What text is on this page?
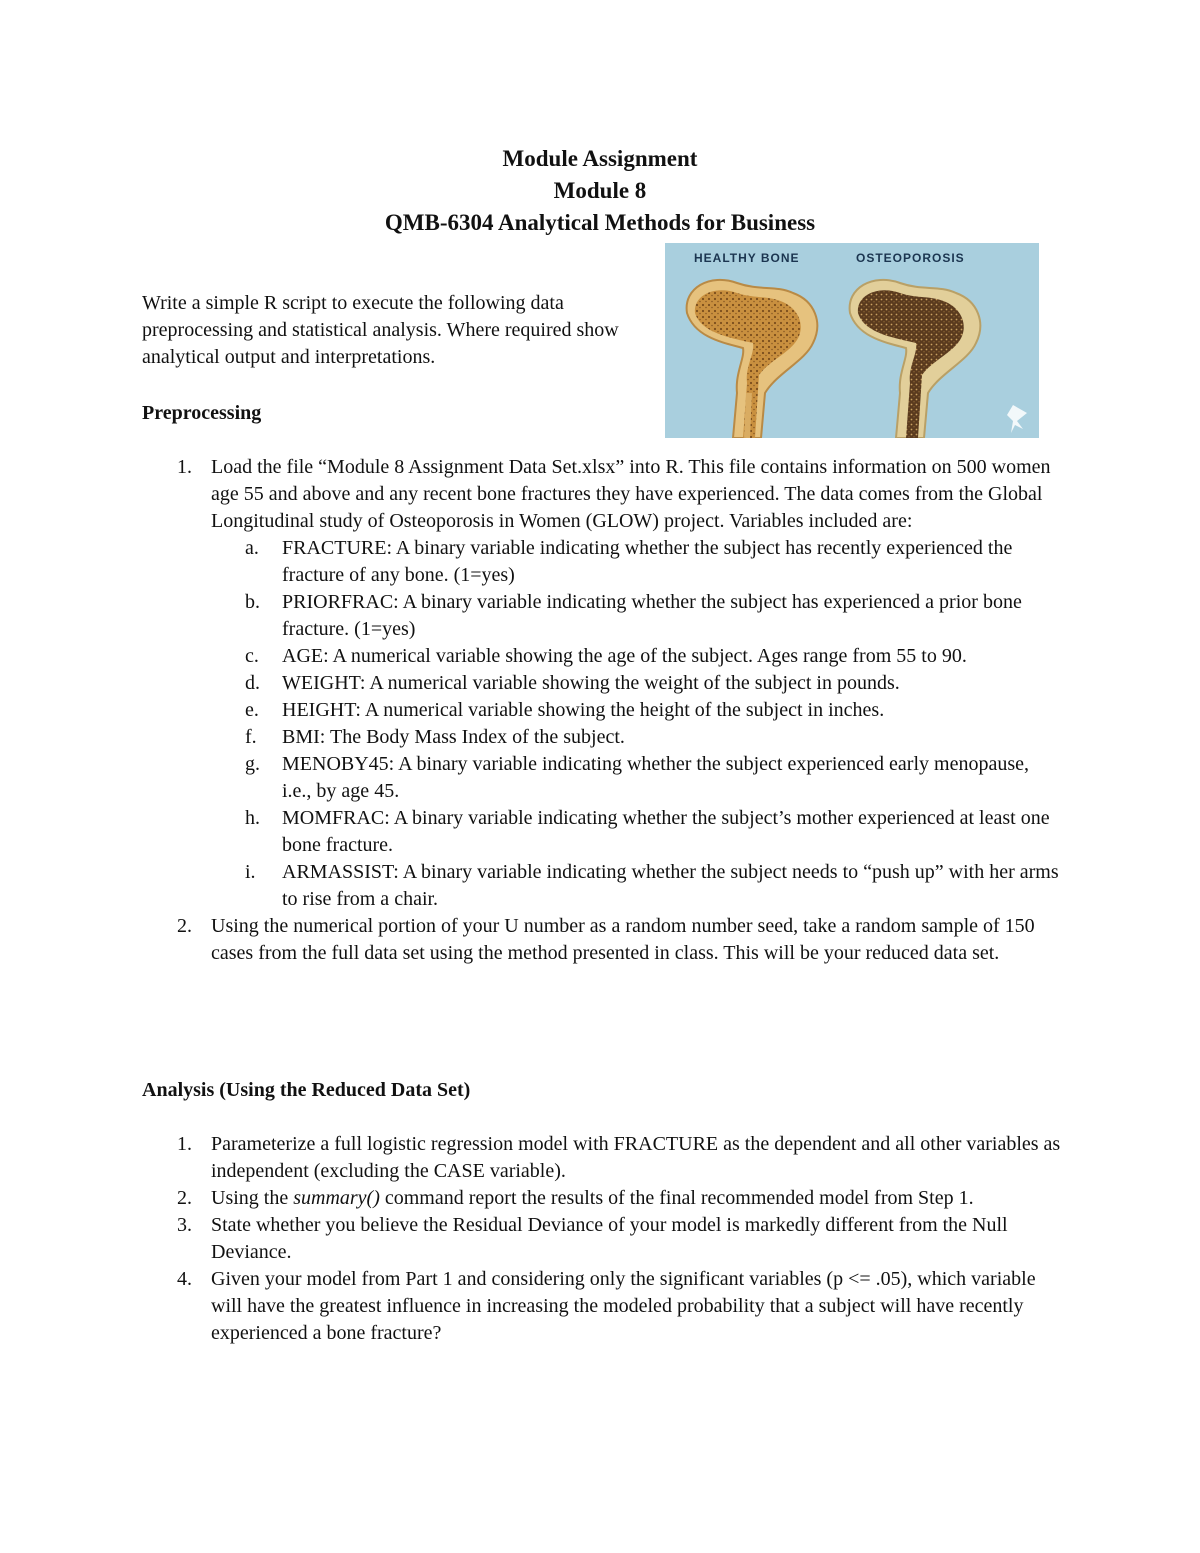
Module Assignment
Module 8
QMB-6304 Analytical Methods for Business
HEALTHY BONE	OSTEOPOROSIS

Write a simple R script to execute the following data preprocessing and statistical analysis. Where required show analytical output and interpretations.

Preprocessing
1. Load the file “Module 8 Assignment Data Set.xlsx” into R. This file contains information on 500 women age 55 and above and any recent bone fractures they have experienced. The data comes from the Global Longitudinal study of Osteoporosis in Women (GLOW) project. Variables included are:
a. FRACTURE: A binary variable indicating whether the subject has recently experienced the fracture of any bone. (1=yes)
b. PRIORFRAC: A binary variable indicating whether the subject has experienced a prior bone fracture. (1=yes)
c. AGE: A numerical variable showing the age of the subject. Ages range from 55 to 90.
d. WEIGHT: A numerical variable showing the weight of the subject in pounds.
e. HEIGHT: A numerical variable showing the height of the subject in inches.
f. BMI: The Body Mass Index of the subject.
g. MENOBY45: A binary variable indicating whether the subject experienced early menopause, i.e., by age 45.
h. MOMFRAC: A binary variable indicating whether the subject’s mother experienced at least one bone fracture.
i. ARMASSIST: A binary variable indicating whether the subject needs to “push up” with her arms to rise from a chair.
2. Using the numerical portion of your U number as a random number seed, take a random sample of 150 cases from the full data set using the method presented in class. This will be your reduced data set.
Analysis (Using the Reduced Data Set)
1. Parameterize a full logistic regression model with FRACTURE as the dependent and all other variables as independent (excluding the CASE variable).
2. Using the summary() command report the results of the final recommended model from Step 1.
3. State whether you believe the Residual Deviance of your model is markedly different from the Null Deviance.
4. Given your model from Part 1 and considering only the significant variables (p <= .05), which variable will have the greatest influence in increasing the modeled probability that a subject will have recently experienced a bone fracture?
